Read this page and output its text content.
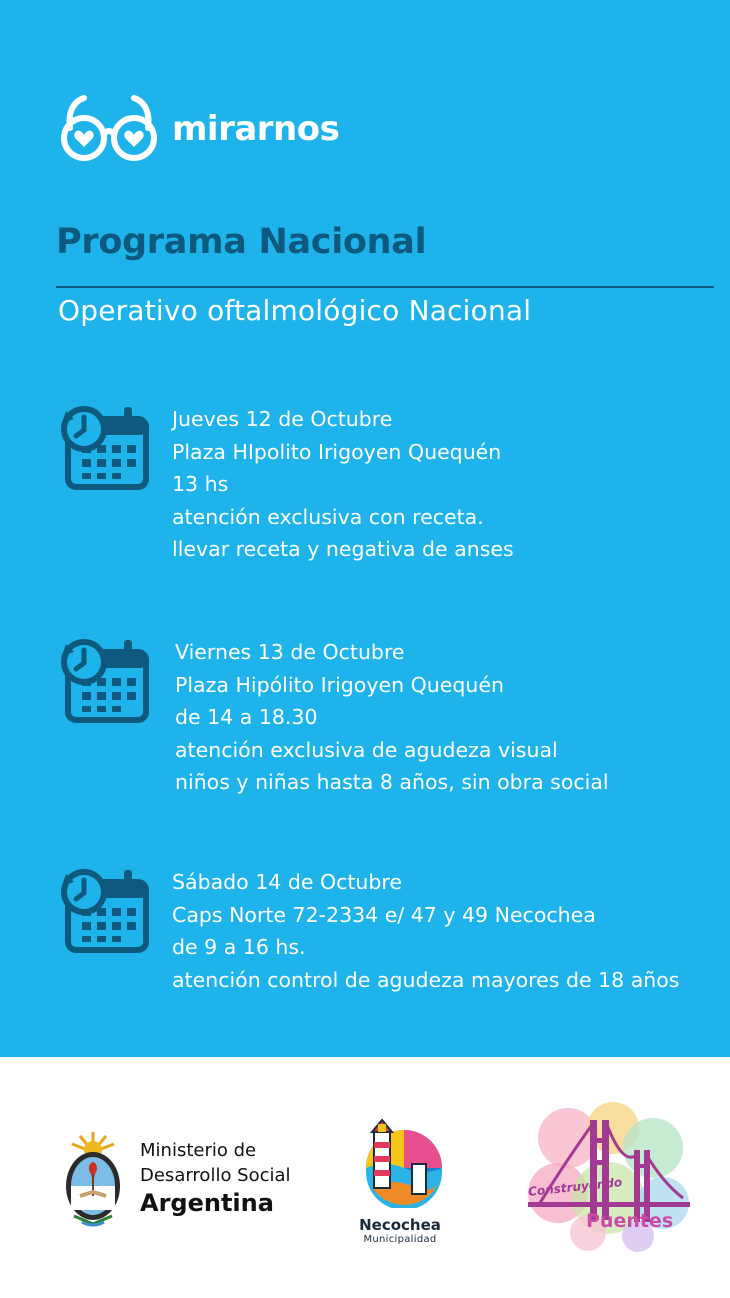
mirarnos
Programa Nacional
Operativo oftalmológico Nacional
Jueves 12 de Octubre
Plaza HIpolito Irigoyen Quequén
13 hs
atención exclusiva con receta.
llevar receta y negativa de anses
Viernes 13 de Octubre
Plaza Hipólito Irigoyen Quequén
de 14 a 18.30
atención exclusiva de agudeza visual
niños y niñas hasta 8 años, sin obra social
Sábado 14 de Octubre
Caps Norte 72-2334 e/ 47 y 49 Necochea
de 9 a 16 hs.
atención control de agudeza mayores de 18 años
Ministerio de
Desarrollo Social
Argentina
Necochea
Municipalidad
Construyendo
Puentes
